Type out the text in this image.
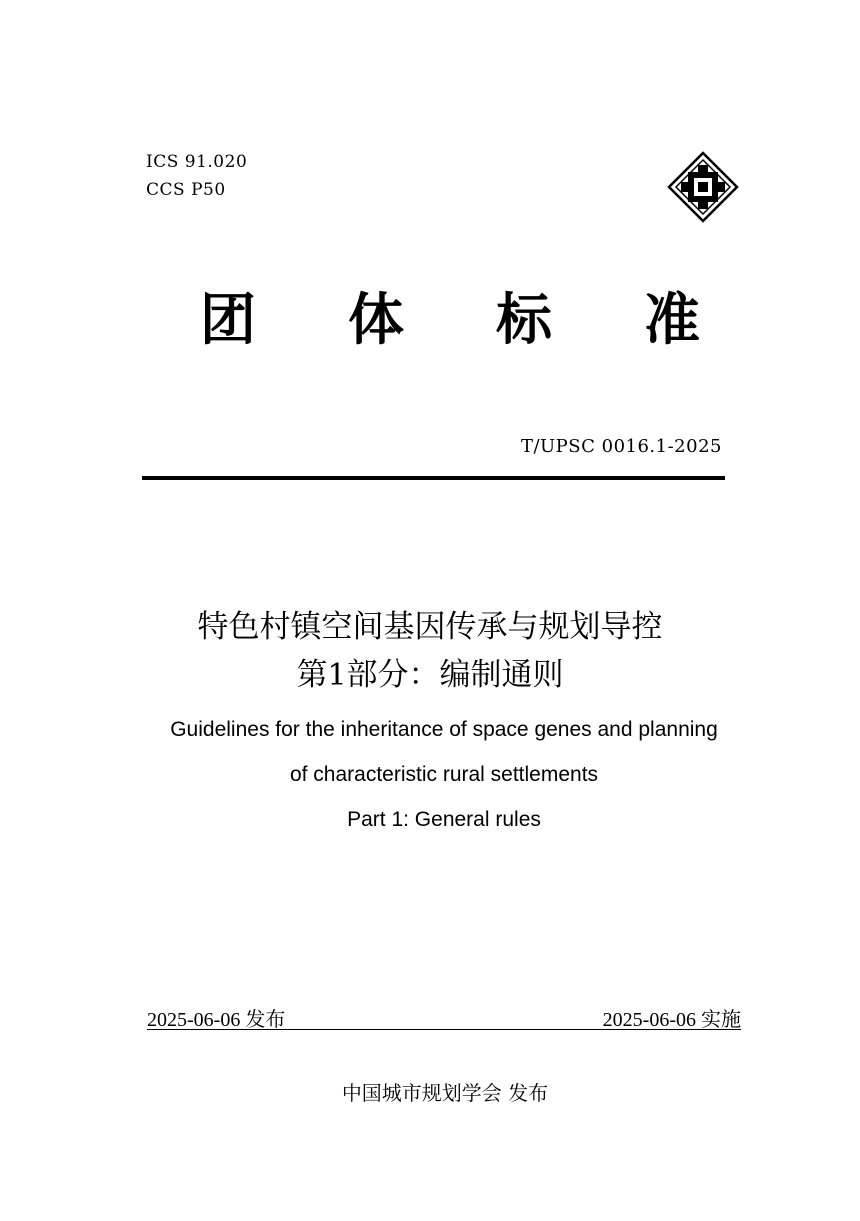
ICS 91.020
CCS P50
团 体 标 准
T/UPSC 0016.1-2025
特色村镇空间基因传承与规划导控
第1部分：编制通则
Guidelines for the inheritance of space genes and planning
of characteristic rural settlements
Part 1: General rules
2025-06-06 发布	2025-06-06 实施
中国城市规划学会 发布
